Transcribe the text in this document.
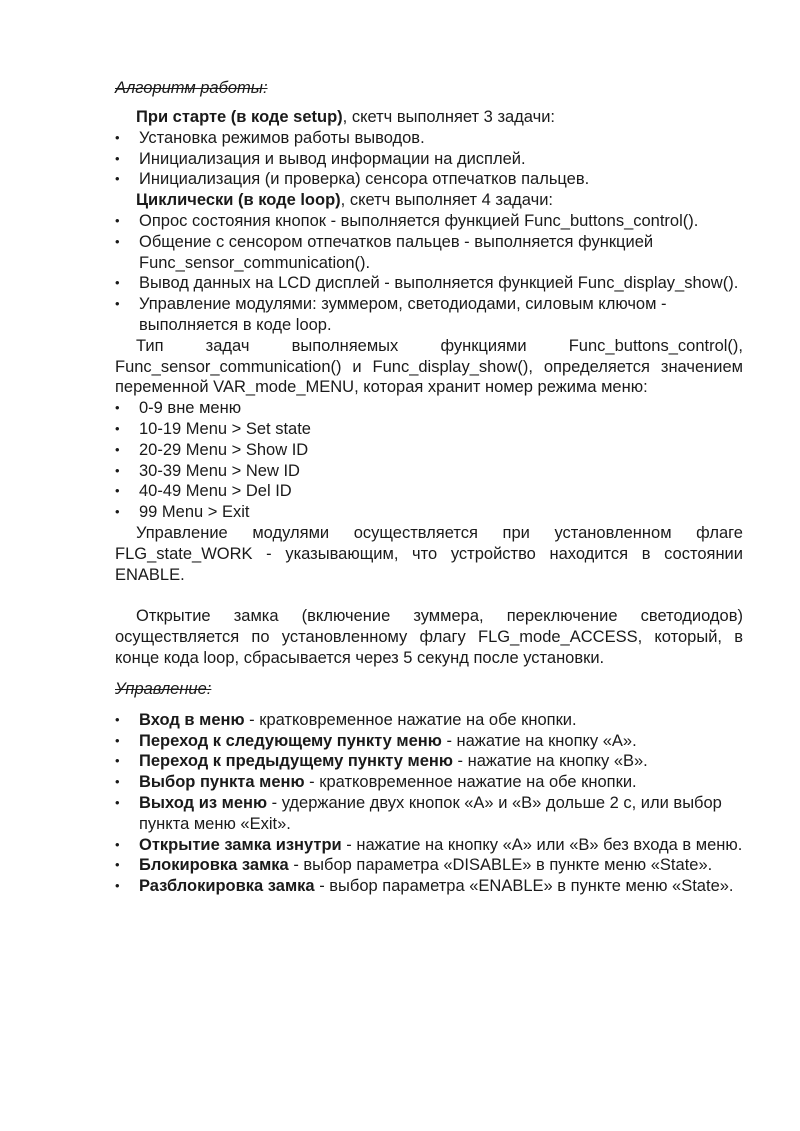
Алгоритм работы:
При старте (в коде setup), скетч выполняет 3 задачи:
•	Установка режимов работы выводов.
•	Инициализация и вывод информации на дисплей.
•	Инициализация (и проверка) сенсора отпечатков пальцев.
Циклически (в коде loop), скетч выполняет 4 задачи:
•	Опрос состояния кнопок - выполняется функцией Func_buttons_control().
•	Общение с сенсором отпечатков пальцев - выполняется функцией Func_sensor_communication().
•	Вывод данных на LCD дисплей - выполняется функцией Func_display_show().
•	Управление модулями: зуммером, светодиодами, силовым ключом - выполняется в коде loop.
Тип задач выполняемых функциями Func_buttons_control(), Func_sensor_communication() и Func_display_show(), определяется значением переменной VAR_mode_MENU, которая хранит номер режима меню:
•	0-9 вне меню
•	10-19 Menu > Set state
•	20-29 Menu > Show ID
•	30-39 Menu > New ID
•	40-49 Menu > Del ID
•	99 Menu > Exit
Управление модулями осуществляется при установленном флаге FLG_state_WORK - указывающим, что устройство находится в состоянии ENABLE.
Открытие замка (включение зуммера, переключение светодиодов) осуществляется по установленному флагу FLG_mode_ACCESS, который, в конце кода loop, сбрасывается через 5 секунд после установки.
Управление:
•	Вход в меню - кратковременное нажатие на обе кнопки.
•	Переход к следующему пункту меню - нажатие на кнопку «A».
•	Переход к предыдущему пункту меню - нажатие на кнопку «B».
•	Выбор пункта меню - кратковременное нажатие на обе кнопки.
•	Выход из меню - удержание двух кнопок «A» и «B» дольше 2 с, или выбор пункта меню «Exit».
•	Открытие замка изнутри - нажатие на кнопку «A» или «B» без входа в меню.
•	Блокировка замка - выбор параметра «DISABLE» в пункте меню «State».
•	Разблокировка замка - выбор параметра «ENABLE» в пункте меню «State».
